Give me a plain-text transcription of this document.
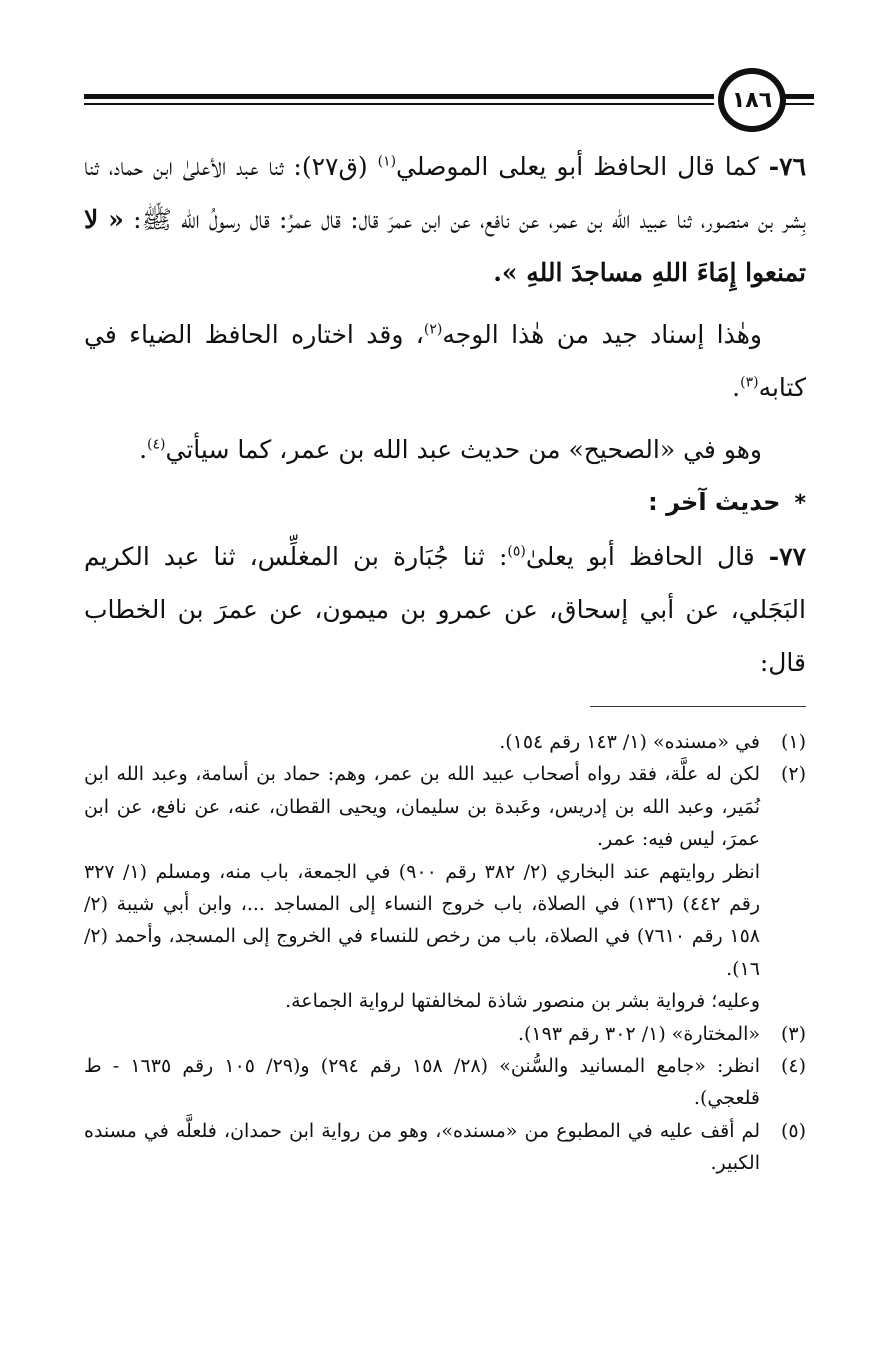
١٨٦

٧٦- كما قال الحافظ أبو يعلى الموصلي$^{(١)}$ (ق٢٧): ثنا عبد الأعلىٰ ابن حماد، ثنا بِشر بن منصور، ثنا عبيد الله بن عمر، عن نافع، عن ابن عمرَ قال: قال عمرُ: قال رسولُ الله ﷺ: « لا تمنعوا إِمَاءَ اللهِ مساجدَ اللهِ ».

وهٰذا إسناد جيد من هٰذا الوجه$^{(٢)}$، وقد اختاره الحافظ الضياء في كتابه$^{(٣)}$.

وهو في «الصحيح» من حديث عبد الله بن عمر، كما سيأتي$^{(٤)}$.

*حديث آخر :

٧٧- قال الحافظ أبو يعلىٰ$^{(٥)}$: ثنا جُبَارة بن المغلِّس، ثنا عبد الكريم البَجَلي، عن أبي إسحاق، عن عمرو بن ميمون، عن عمرَ بن الخطاب قال:

(١)
في «مسنده» (١/ ١٤٣ رقم ١٥٤).
(٢)
لكن له علَّة، فقد رواه أصحاب عبيد الله بن عمر، وهم: حماد بن أسامة، وعبد الله ابن نُمَير، وعبد الله بن إدريس، وعَبدة بن سليمان، ويحيى القطان، عنه، عن نافع، عن ابن عمرَ، ليس فيه: عمر.
انظر روايتهم عند البخاري (٢/ ٣٨٢ رقم ٩٠٠) في الجمعة، باب منه، ومسلم (١/ ٣٢٧ رقم ٤٤٢) (١٣٦) في الصلاة، باب خروج النساء إلى المساجد ...، وابن أبي شيبة (٢/ ١٥٨ رقم ٧٦١٠) في الصلاة، باب من رخص للنساء في الخروج إلى المسجد، وأحمد (٢/ ١٦).
وعليه؛ فرواية بشر بن منصور شاذة لمخالفتها لرواية الجماعة.
(٣)
«المختارة» (١/ ٣٠٢ رقم ١٩٣).
(٤)
انظر: «جامع المسانيد والسُّنن» (٢٨/ ١٥٨ رقم ٢٩٤) و(٢٩/ ١٠٥ رقم ١٦٣٥ - ط قلعجي).
(٥)
لم أقف عليه في المطبوع من «مسنده»، وهو من رواية ابن حمدان، فلعلَّه في مسنده الكبير.
